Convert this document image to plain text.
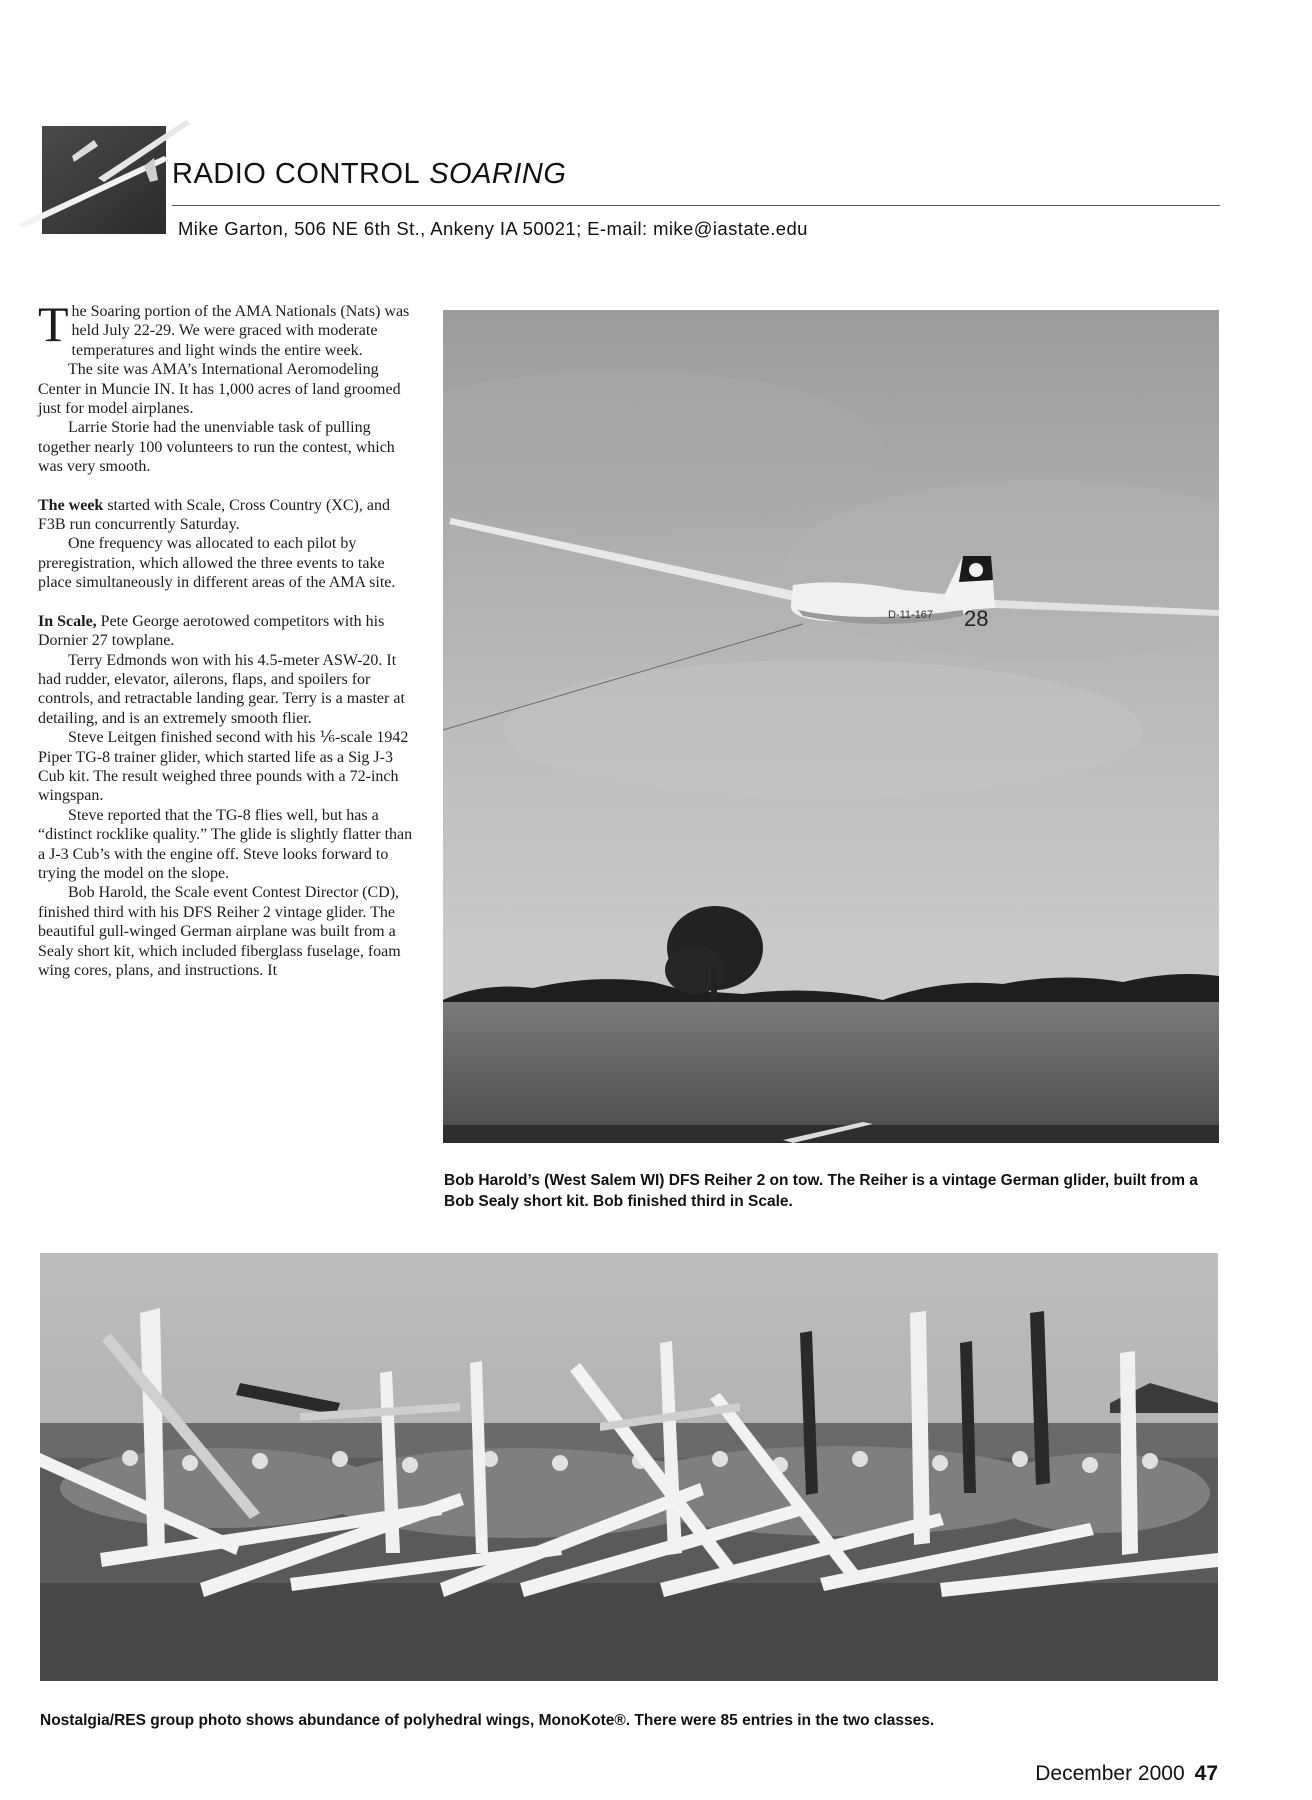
RADIO CONTROL SOARING
Mike Garton, 506 NE 6th St., Ankeny IA 50021; E-mail: mike@iastate.edu

The Soaring portion of the AMA Nationals (Nats) was held July 22-29. We were graced with moderate temperatures and light winds the entire week.

The site was AMA’s International Aeromodeling Center in Muncie IN. It has 1,000 acres of land groomed just for model airplanes.

Larrie Storie had the unenviable task of pulling together nearly 100 volunteers to run the contest, which was very smooth.

The week started with Scale, Cross Country (XC), and F3B run concurrently Saturday.

One frequency was allocated to each pilot by preregistration, which allowed the three events to take place simultaneously in different areas of the AMA site.

In Scale, Pete George aerotowed competitors with his Dornier 27 towplane.

Terry Edmonds won with his 4.5-meter ASW-20. It had rudder, elevator, ailerons, flaps, and spoilers for controls, and retractable landing gear. Terry is a master at detailing, and is an extremely smooth flier.

Steve Leitgen finished second with his ⅙-scale 1942 Piper TG-8 trainer glider, which started life as a Sig J-3 Cub kit. The result weighed three pounds with a 72-inch wingspan.

Steve reported that the TG-8 flies well, but has a “distinct rocklike quality.” The glide is slightly flatter than a J-3 Cub’s with the engine off. Steve looks forward to trying the model on the slope.

Bob Harold, the Scale event Contest Director (CD), finished third with his DFS Reiher 2 vintage glider. The beautiful gull-winged German airplane was built from a Sealy short kit, which included fiberglass fuselage, foam wing cores, plans, and instructions. It

28
D-11-167
Bob Harold’s (West Salem WI) DFS Reiher 2 on tow. The Reiher is a vintage German glider, built from a Bob Sealy short kit. Bob finished third in Scale.
Nostalgia/RES group photo shows abundance of polyhedral wings, MonoKote®. There were 85 entries in the two classes.
December 2000 47
